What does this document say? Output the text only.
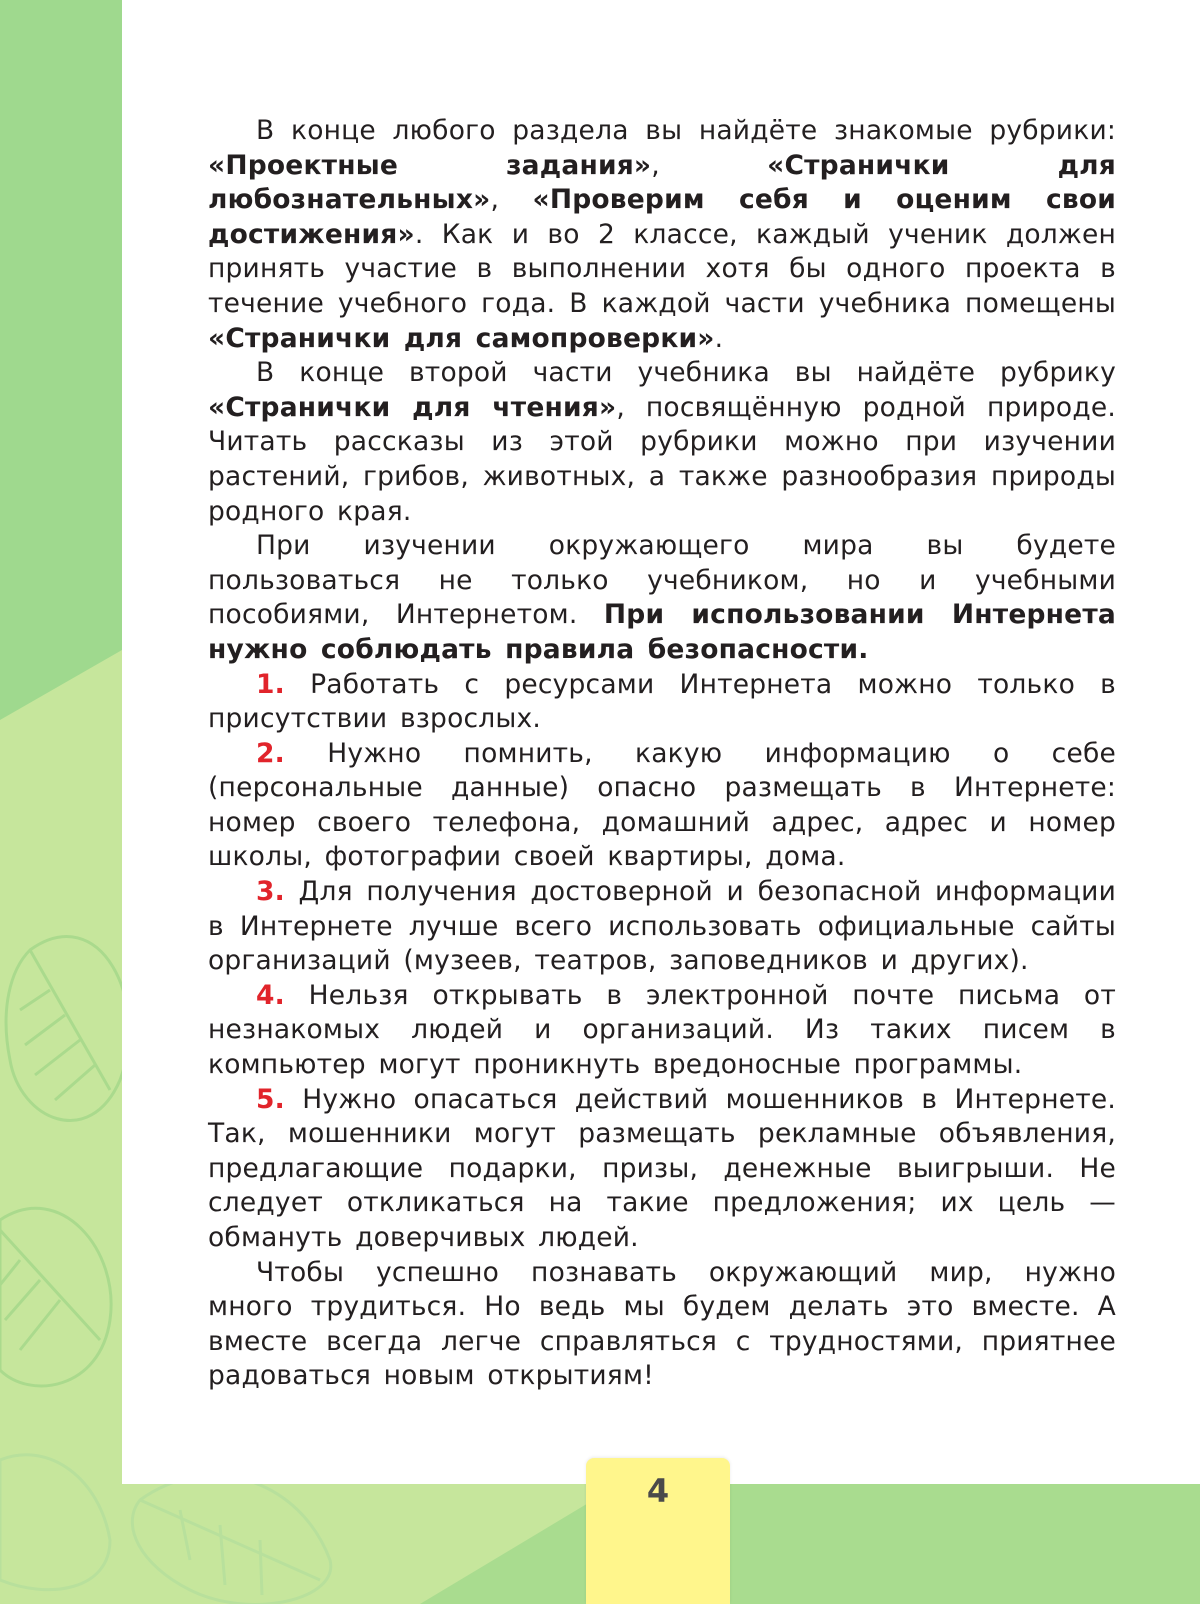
В конце любого раздела вы найдёте знакомые рубрики: «Проектные задания», «Странички для любознательных», «Проверим себя и оценим свои достижения». Как и во 2 классе, каждый ученик должен принять участие в выполнении хотя бы одного проекта в течение учебного года. В каждой части учебника помещены «Странички для самопроверки».

В конце второй части учебника вы найдёте рубрику «Странички для чтения», посвящённую родной природе. Читать рассказы из этой рубрики можно при изучении растений, грибов, животных, а также разнообразия природы родного края.

При изучении окружающего мира вы будете пользоваться не только учебником, но и учебными пособиями, Интернетом. При использовании Интернета нужно соблюдать правила безопасности.

1. Работать с ресурсами Интернета можно только в присутствии взрослых.

2. Нужно помнить, какую информацию о себе (персональные данные) опасно размещать в Интернете: номер своего телефона, домашний адрес, адрес и номер школы, фотографии своей квартиры, дома.

3. Для получения достоверной и безопасной информации в Интернете лучше всего использовать официальные сайты организаций (музеев, театров, заповедников и других).

4. Нельзя открывать в электронной почте письма от незнакомых людей и организаций. Из таких писем в компьютер могут проникнуть вредоносные программы.

5. Нужно опасаться действий мошенников в Интернете. Так, мошенники могут размещать рекламные объявления, предлагающие подарки, призы, денежные выигрыши. Не следует откликаться на такие предложения; их цель — обмануть доверчивых людей.

Чтобы успешно познавать окружающий мир, нужно много трудиться. Но ведь мы будем делать это вместе. А вместе всегда легче справляться с трудностями, приятнее радоваться новым открытиям!

4
